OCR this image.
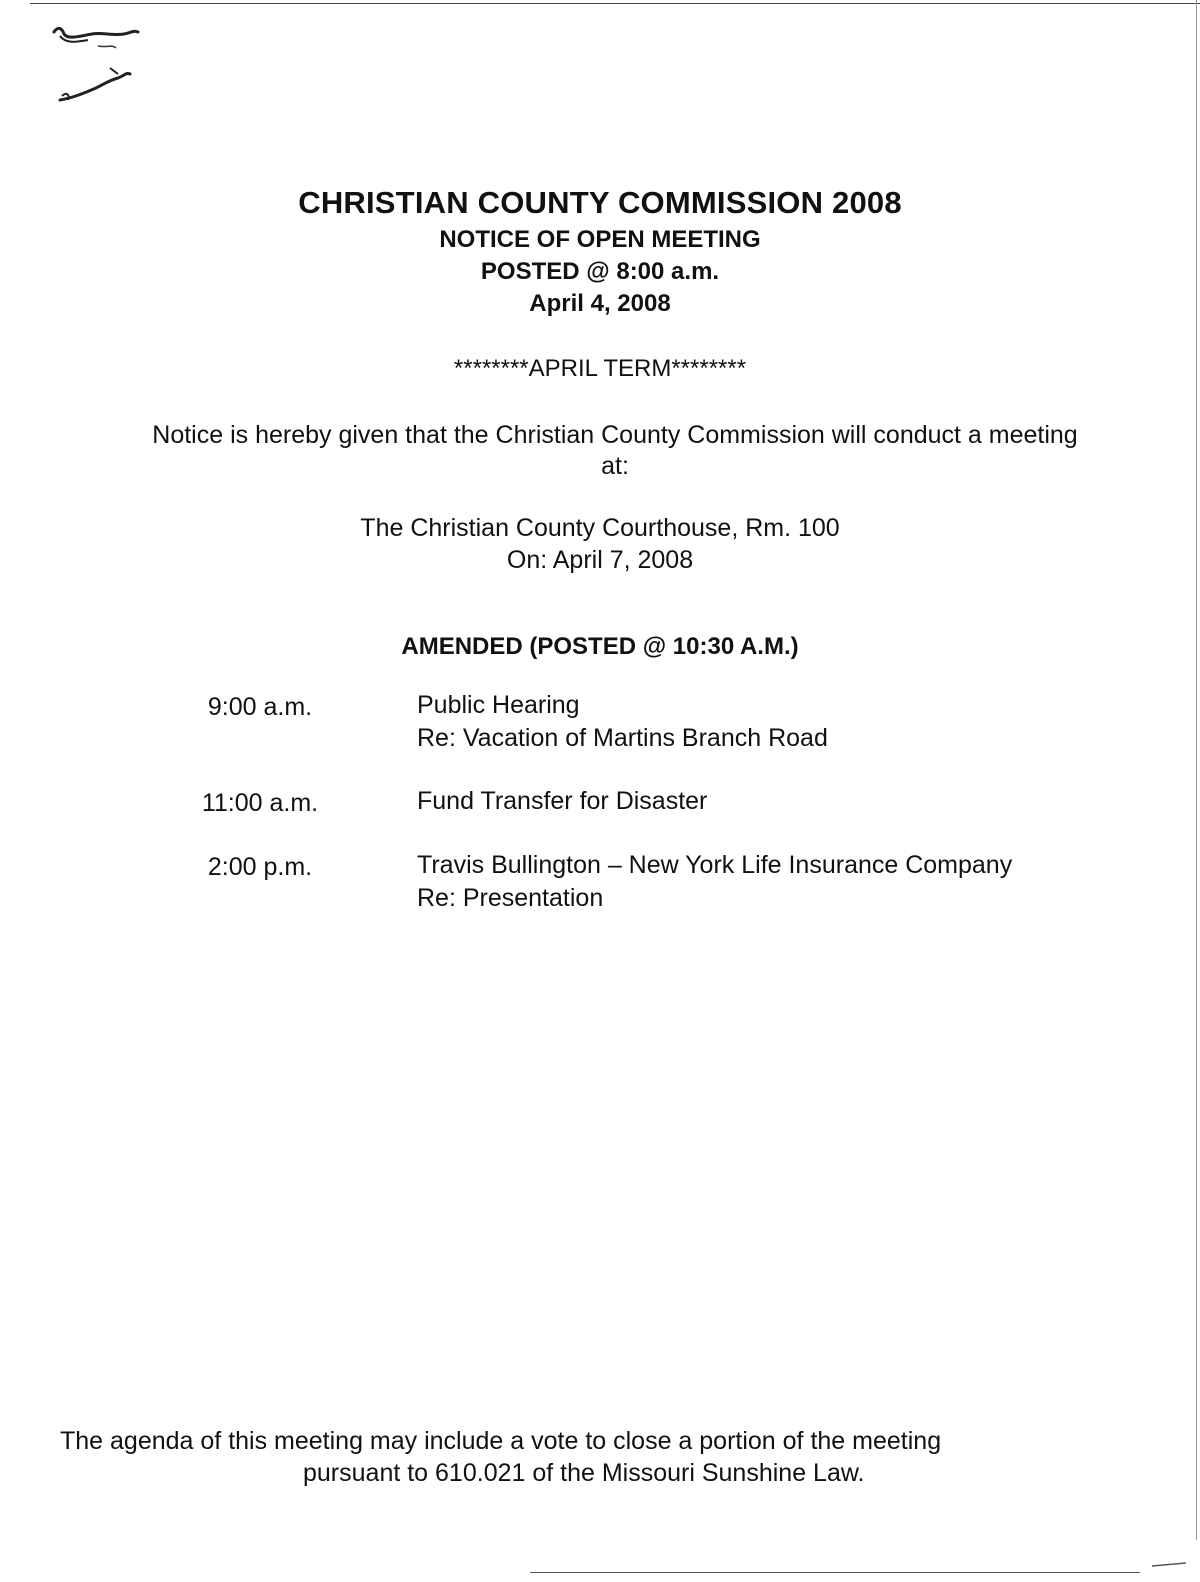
CHRISTIAN COUNTY COMMISSION 2008
NOTICE OF OPEN MEETING
POSTED @ 8:00 a.m.
April 4, 2008
********APRIL TERM********
Notice is hereby given that the Christian County Commission will conduct a meeting at:
The Christian County Courthouse, Rm. 100
On: April 7, 2008
AMENDED (POSTED @ 10:30 A.M.)
9:00 a.m.	Public Hearing
Re: Vacation of Martins Branch Road
11:00 a.m.	Fund Transfer for Disaster
2:00 p.m.	Travis Bullington – New York Life Insurance Company
Re: Presentation
The agenda of this meeting may include a vote to close a portion of the meeting
pursuant to 610.021 of the Missouri Sunshine Law.
